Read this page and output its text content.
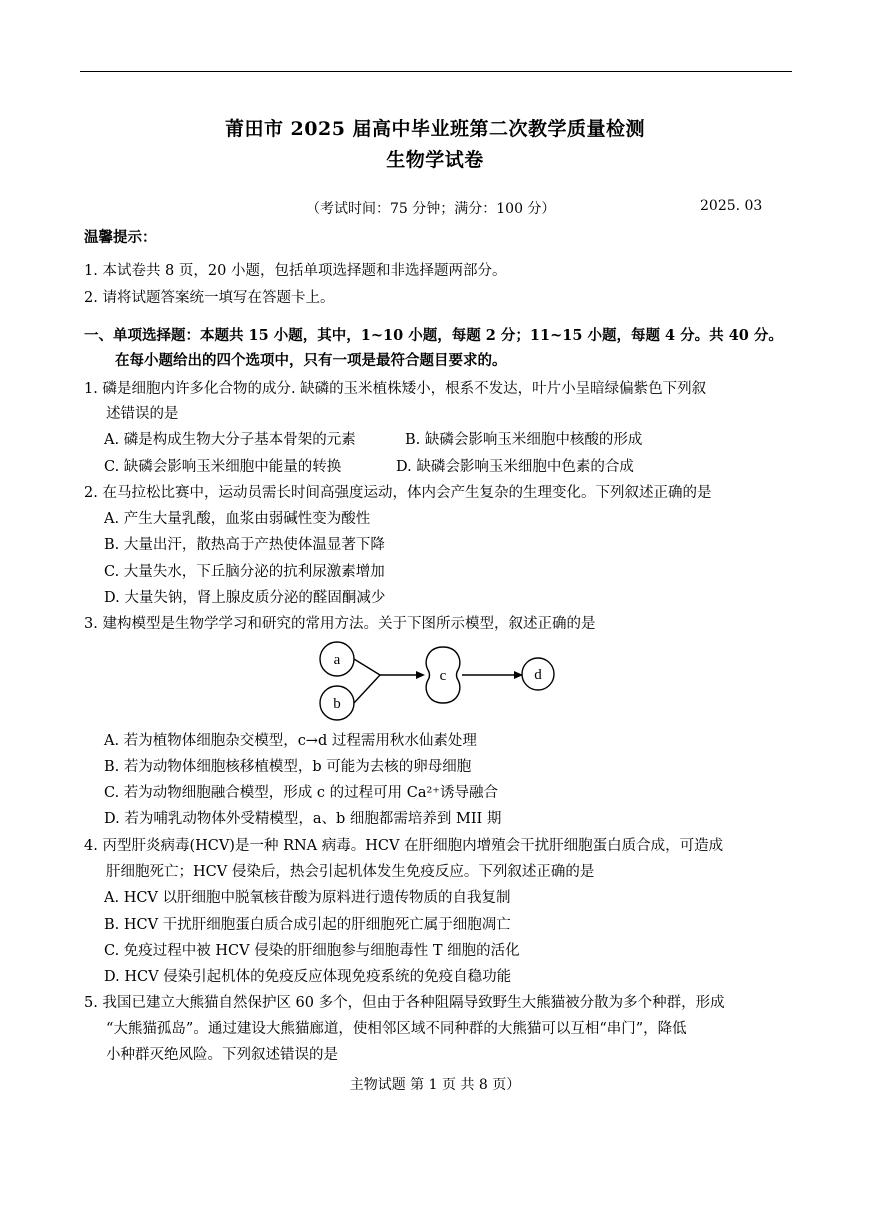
莆田市 2025 届高中毕业班第二次教学质量检测
生物学试卷
（考试时间：75 分钟；满分：100 分）	2025. 03
温馨提示：
1. 本试卷共 8 页，20 小题，包括单项选择题和非选择题两部分。
2. 请将试题答案统一填写在答题卡上。
一、单项选择题：本题共 15 小题，其中，1~10 小题，每题 2 分；11~15 小题，每题 4 分。共 40 分。
在每小题给出的四个选项中，只有一项是最符合题目要求的。
1. 磷是细胞内许多化合物的成分. 缺磷的玉米植株矮小，根系不发达，叶片小呈暗绿偏紫色下列叙
述错误的是
A. 磷是构成生物大分子基本骨架的元素	B. 缺磷会影响玉米细胞中核酸的形成
C. 缺磷会影响玉米细胞中能量的转换	D. 缺磷会影响玉米细胞中色素的合成
2. 在马拉松比赛中，运动员需长时间高强度运动，体内会产生复杂的生理变化。下列叙述正确的是
A. 产生大量乳酸，血浆由弱碱性变为酸性
B. 大量出汗，散热高于产热使体温显著下降
C. 大量失水，下丘脑分泌的抗利尿激素增加
D. 大量失钠，肾上腺皮质分泌的醛固酮减少
3. 建构模型是生物学学习和研究的常用方法。关于下图所示模型，叙述正确的是
a
b
c	d
A. 若为植物体细胞杂交模型，c→d 过程需用秋水仙素处理
B. 若为动物体细胞核移植模型，b 可能为去核的卵母细胞
C. 若为动物细胞融合模型，形成 c 的过程可用 Ca²⁺诱导融合
D. 若为哺乳动物体外受精模型，a、b 细胞都需培养到 MII 期
4. 丙型肝炎病毒(HCV)是一种 RNA 病毒。HCV 在肝细胞内增殖会干扰肝细胞蛋白质合成，可造成
肝细胞死亡；HCV 侵染后，热会引起机体发生免疫反应。下列叙述正确的是
A. HCV 以肝细胞中脱氧核苷酸为原料进行遗传物质的自我复制
B. HCV 干扰肝细胞蛋白质合成引起的肝细胞死亡属于细胞凋亡
C. 免疫过程中被 HCV 侵染的肝细胞参与细胞毒性 T 细胞的活化
D. HCV 侵染引起机体的免疫反应体现免疫系统的免疫自稳功能
5. 我国已建立大熊猫自然保护区 60 多个，但由于各种阻隔导致野生大熊猫被分散为多个种群，形成
“大熊猫孤岛”。通过建设大熊猫廊道，使相邻区域不同种群的大熊猫可以互相“串门”，降低
小种群灭绝风险。下列叙述错误的是
主物试题 第 1 页 共 8 页）
